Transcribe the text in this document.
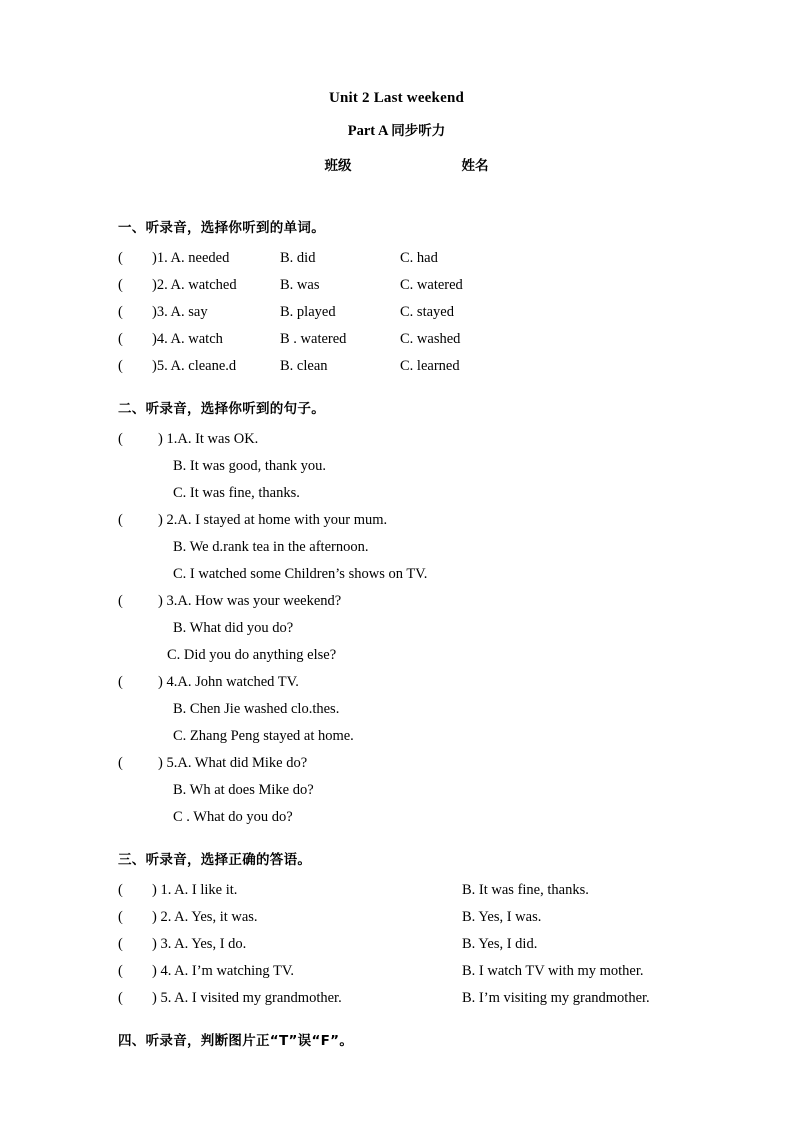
Unit 2 Last weekend
Part A 同步听力
班级	姓名
一、听录音，选择你听到的单词。
(	)1. A. needed	B. did	C. had
(	)2. A. watched	B. was	C. watered
(	)3. A. say	B. played	C. stayed
(	)4. A. watch	B . watered	C. washed
(	)5. A. cleane.d	B. clean	C. learned
二、听录音，选择你听到的句子。
(	) 1. A. It was OK.
B. It was good, thank you.
C. It was fine, thanks.
(	) 2. A. I stayed at home with your mum.
B. We d.rank tea in the afternoon.
C. I watched some Children’s shows on TV.
(	) 3. A. How was your weekend?
B. What did you do?
C. Did you do anything else?
(	) 4. A. John watched TV.
B. Chen Jie washed clo.thes.
C. Zhang Peng stayed at home.
(	) 5. A. What did Mike do?
B. Wh at does Mike do?
C . What do you do?
三、听录音，选择正确的答语。
(	) 1. A. I like it.	B. It was fine, thanks.
(	) 2. A. Yes, it was.	B. Yes, I was.
(	) 3. A. Yes, I do.	B. Yes, I did.
(	) 4. A. I’m watching TV.	B. I watch TV with my mother.
(	) 5. A. I visited my grandmother.	B. I’m visiting my grandmother.
四、听录音，判断图片正“T”误“F”。
